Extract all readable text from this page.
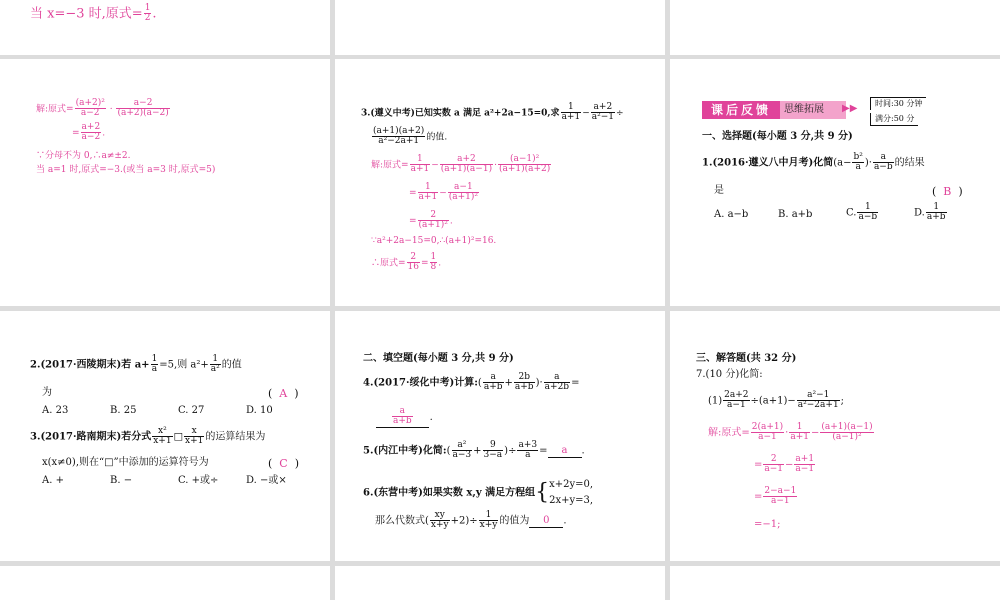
当 x=−3 时,原式= $\frac{1}{2}$ .
解:原式= $\frac{\text{(a+2)²}}{a-2} \cdot \frac{a-2}{(a+2)(a-2)}$
= $\frac{a+2}{a-2}$ .
∵分母不为 0,∴a≠±2.
当 a=1 时,原式=−3.(或当 a=3 时,原式=5)
3.(遵义中考)已知实数 a 满足 a²+2a−15=0,求 $\frac{1}{a+1} - \frac{a+2}{\text{a²−1}}$ ÷
$\frac{(a+1)(a+2)}{\text{a²−2a+1}}$ 的值.
解:原式= $\frac{1}{a+1} - \frac{a+2}{(a+1)(a-1)} \cdot \frac{\text{(a−1)²}}{(a+1)(a+2)}$
= $\frac{1}{a+1} - \frac{a-1}{\text{(a+1)²}}$
= $\frac{2}{\text{(a+1)²}}$ .
∵a²+2a−15=0,∴(a+1)²=16.
∴原式= $\frac{2}{16} = \frac{1}{8}$ .
课后反馈	思维拓展	▶▶	时间:30 分钟
满分:50 分
一、选择题(每小题 3 分,共 9 分)
1.(2016·遵义八中月考)化简($a- \frac{\text{b²}}{a}$ )· $\frac{a}{a-b}$ 的结果
是	( B )
A. a−b	B. a+b	C. $\frac{1}{a-b}$	D. $\frac{1}{a+b}$
2.(2017·西陵期末)若 $a+ \frac{1}{a} =5$,则 $a^2+ \frac{1}{\text{a²}}$ 的值
为	( A )
A. 23	B. 25	C. 27	D. 10
3.(2017·路南期末)若分式 $\frac{\text{x²}}{x+1}$ □ $\frac{x}{x+1}$ 的运算结果为
x(x≠0),则在“□”中添加的运算符号为	( C )
A. +	B. −	C. +或÷	D. −或×
二、填空题(每小题 3 分,共 9 分)
4.(2017·绥化中考)计算:( $\frac{a}{a+b} + \frac{2b}{a+b}$ )· $\frac{a}{a+2b}$ =
$\frac{a}{a+b}$ .
5.(内江中考)化简:( $\frac{\text{a²}}{a-3} + \frac{9}{3-a}$ )÷ $\frac{a+3}{a} = a$ .
6.(东营中考)如果实数 x,y 满足方程组{ x+2y=0,
2x+y=3,
那么代数式( $\frac{xy}{x+y} +2)\div \frac{1}{x+y}$ 的值为 0 .
三、解答题(共 32 分)
7.(10 分)化简:
$(1) \frac{2a+2}{a-1} \div(a+1)- \frac{\text{a²−1}}{\text{a²−2a+1}}$ ;
解:原式= $\frac{2(a+1)}{a-1} \cdot \frac{1}{a+1} - \frac{(a+1)(a-1)}{\text{(a−1)²}}$
= $\frac{2}{a-1} - \frac{a+1}{a-1}$
= $\frac{2-a-1}{a-1}$
=−1;
